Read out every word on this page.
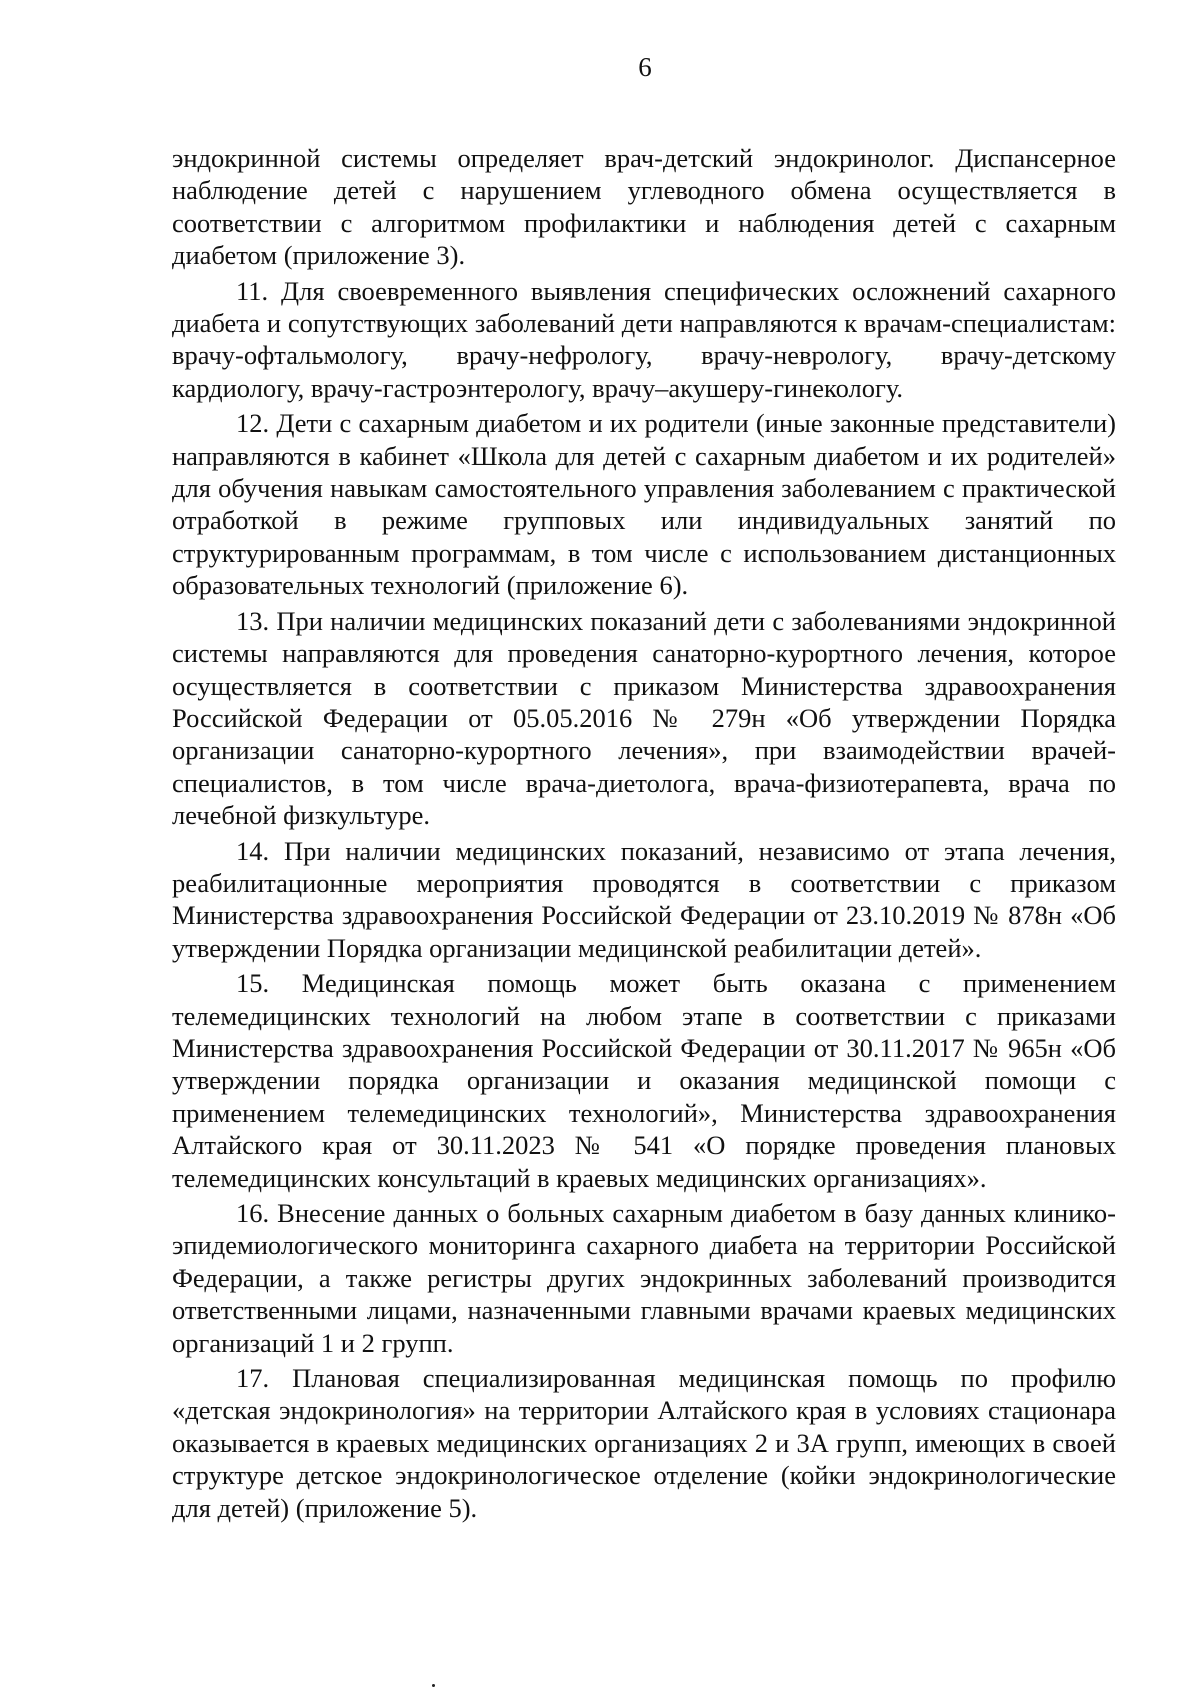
6

эндокринной системы определяет врач-детский эндокринолог. Диспансерное наблюдение детей с нарушением углеводного обмена осуществляется в соответствии с алгоритмом профилактики и наблюдения детей с сахарным диабетом (приложение 3).

11. Для своевременного выявления специфических осложнений сахарного диабета и сопутствующих заболеваний дети направляются к врачам-специалистам: врачу-офтальмологу, врачу-нефрологу, врачу-неврологу, врачу-детскому кардиологу, врачу-гастроэнтерологу, врачу–акушеру-гинекологу.

12. Дети с сахарным диабетом и их родители (иные законные представители) направляются в кабинет «Школа для детей с сахарным диабетом и их родителей» для обучения навыкам самостоятельного управления заболеванием с практической отработкой в режиме групповых или индивидуальных занятий по структурированным программам, в том числе с использованием дистанционных образовательных технологий (приложение 6).

13. При наличии медицинских показаний дети с заболеваниями эндокринной системы направляются для проведения санаторно-курортного лечения, которое осуществляется в соответствии с приказом Министерства здравоохранения Российской Федерации от 05.05.2016 № 279н «Об утверждении Порядка организации санаторно-курортного лечения», при взаимодействии врачей-специалистов, в том числе врача-диетолога, врача-физиотерапевта, врача по лечебной физкультуре.

14. При наличии медицинских показаний, независимо от этапа лечения, реабилитационные мероприятия проводятся в соответствии с приказом Министерства здравоохранения Российской Федерации от 23.10.2019 № 878н «Об утверждении Порядка организации медицинской реабилитации детей».

15. Медицинская помощь может быть оказана с применением телемедицинских технологий на любом этапе в соответствии с приказами Министерства здравоохранения Российской Федерации от 30.11.2017 № 965н «Об утверждении порядка организации и оказания медицинской помощи с применением телемедицинских технологий», Министерства здравоохранения Алтайского края от 30.11.2023 № 541 «О порядке проведения плановых телемедицинских консультаций в краевых медицинских организациях».

16. Внесение данных о больных сахарным диабетом в базу данных клинико-эпидемиологического мониторинга сахарного диабета на территории Российской Федерации, а также регистры других эндокринных заболеваний производится ответственными лицами, назначенными главными врачами краевых медицинских организаций 1 и 2 групп.

17. Плановая специализированная медицинская помощь по профилю «детская эндокринология» на территории Алтайского края в условиях стационара оказывается в краевых медицинских организациях 2 и 3А групп, имеющих в своей структуре детское эндокринологическое отделение (койки эндокринологические для детей) (приложение 5).
